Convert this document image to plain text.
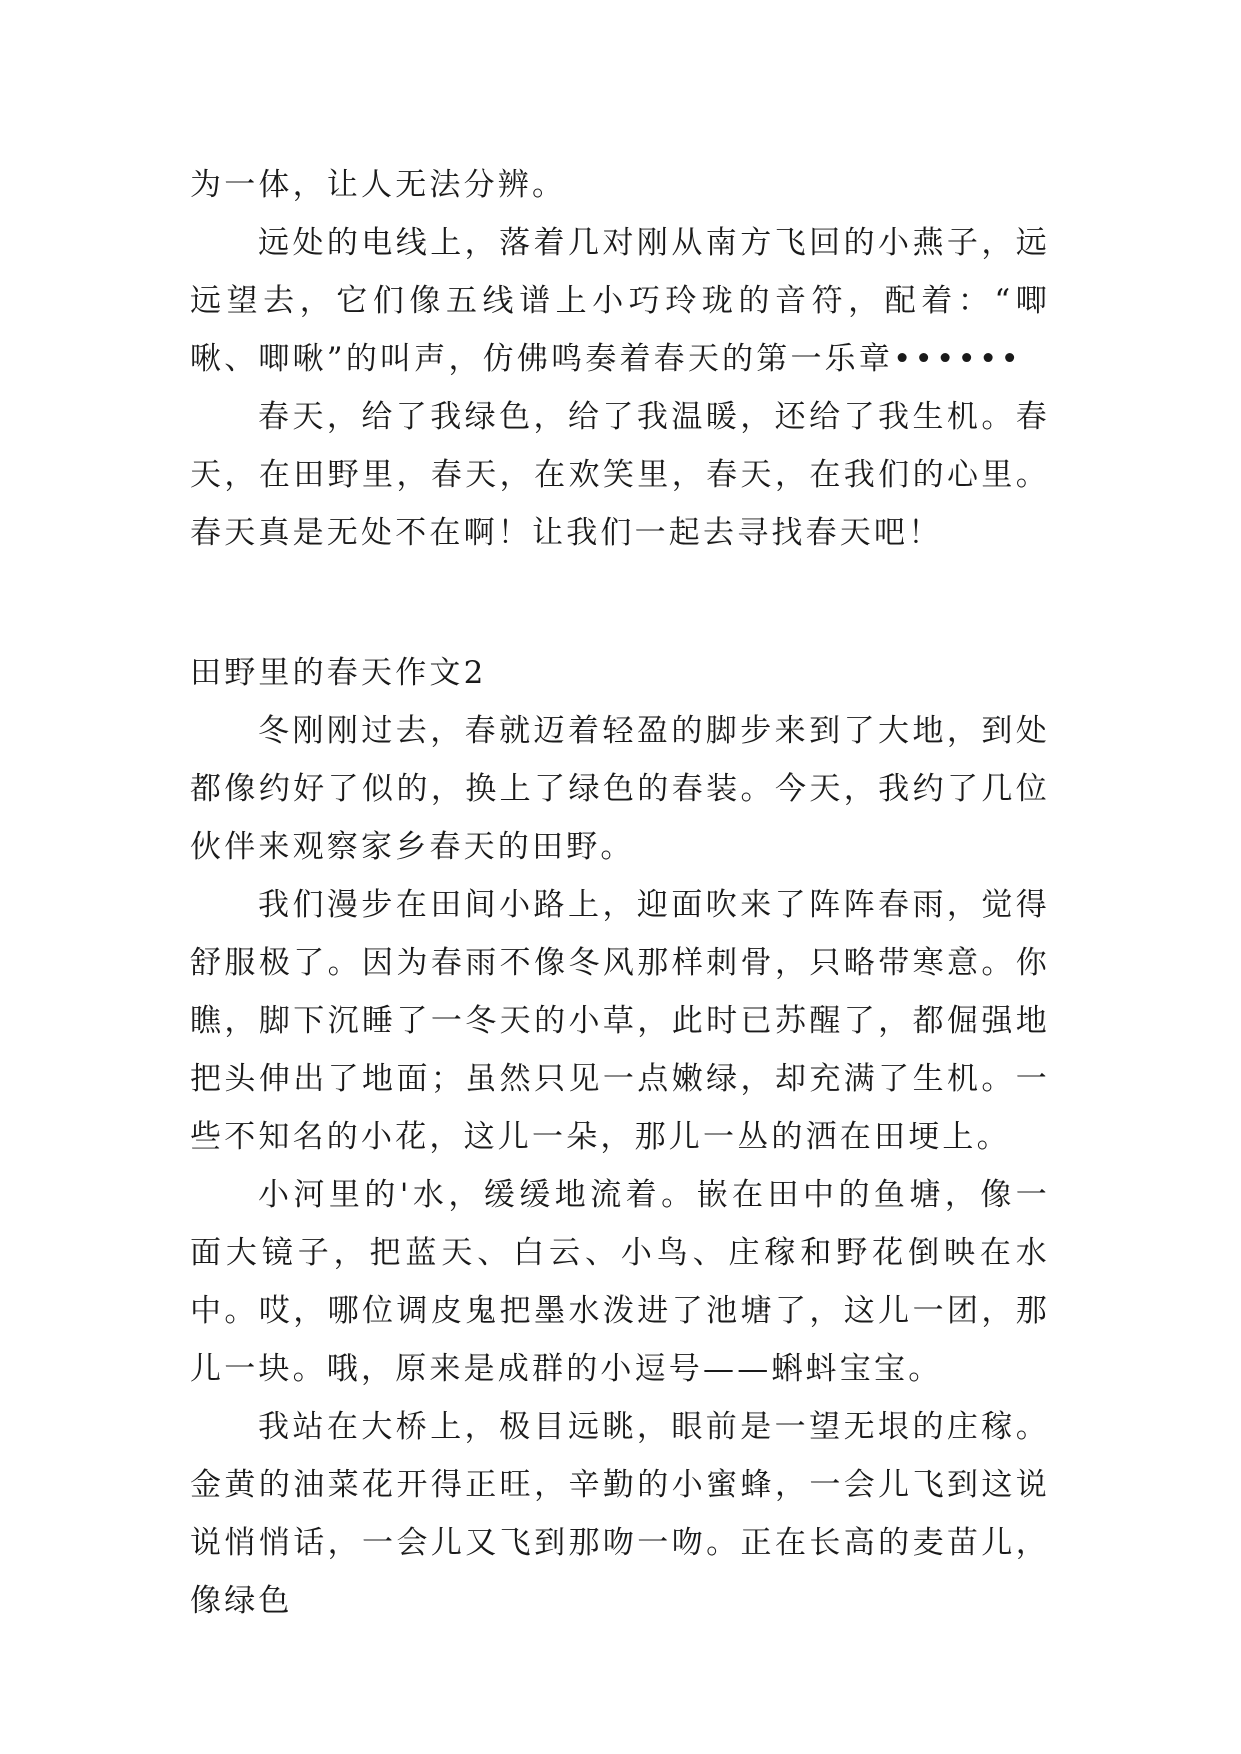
为一体，让人无法分辨。

远处的电线上，落着几对刚从南方飞回的小燕子，远远望去，它们像五线谱上小巧玲珑的音符，配着：“唧啾、唧啾”的叫声，仿佛鸣奏着春天的第一乐章••••••

春天，给了我绿色，给了我温暖，还给了我生机。春天，在田野里，春天，在欢笑里，春天，在我们的心里。春天真是无处不在啊！让我们一起去寻找春天吧！

田野里的春天作文2

冬刚刚过去，春就迈着轻盈的脚步来到了大地，到处都像约好了似的，换上了绿色的春装。今天，我约了几位伙伴来观察家乡春天的田野。

我们漫步在田间小路上，迎面吹来了阵阵春雨，觉得舒服极了。因为春雨不像冬风那样刺骨，只略带寒意。你瞧，脚下沉睡了一冬天的小草，此时已苏醒了，都倔强地把头伸出了地面；虽然只见一点嫩绿，却充满了生机。一些不知名的小花，这儿一朵，那儿一丛的洒在田埂上。

小河里的'水，缓缓地流着。嵌在田中的鱼塘，像一面大镜子，把蓝天、白云、小鸟、庄稼和野花倒映在水中。哎，哪位调皮鬼把墨水泼进了池塘了，这儿一团，那儿一块。哦，原来是成群的小逗号——蝌蚪宝宝。

我站在大桥上，极目远眺，眼前是一望无垠的庄稼。金黄的油菜花开得正旺，辛勤的小蜜蜂，一会儿飞到这说说悄悄话，一会儿又飞到那吻一吻。正在长高的麦苗儿，像绿色
